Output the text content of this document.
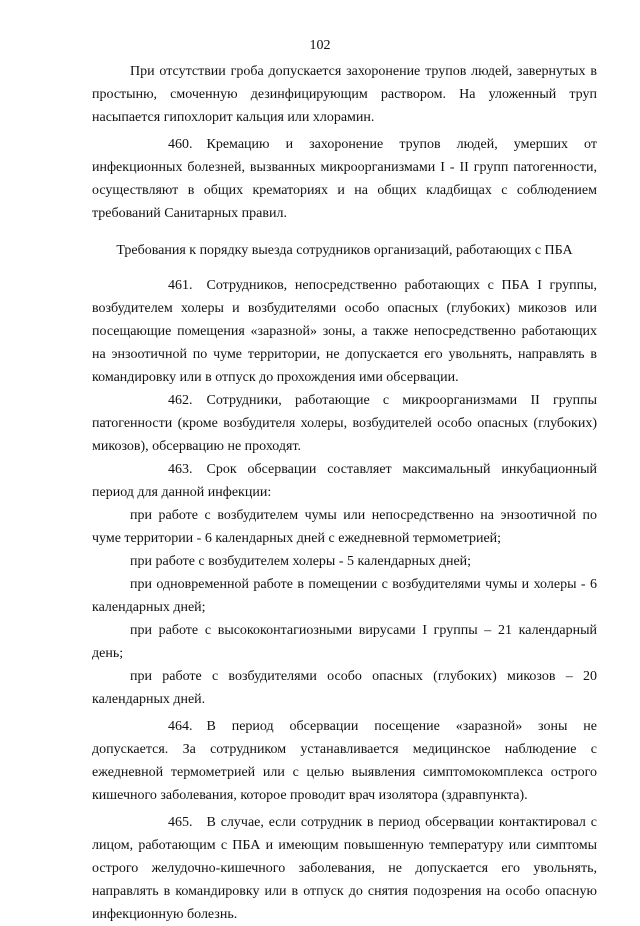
102

При отсутствии гроба допускается захоронение трупов людей, завернутых в простыню, смоченную дезинфицирующим раствором. На уложенный труп насыпается гипохлорит кальция или хлорамин.

460. Кремацию и захоронение трупов людей, умерших от инфекционных болезней, вызванных микроорганизмами I - II групп патогенности, осуществляют в общих крематориях и на общих кладбищах с соблюдением требований Санитарных правил.

Требования к порядку выезда сотрудников организаций, работающих с ПБА

461. Сотрудников, непосредственно работающих с ПБА I группы, возбудителем холеры и возбудителями особо опасных (глубоких) микозов или посещающие помещения «заразной» зоны, а также непосредственно работающих на энзоотичной по чуме территории, не допускается его увольнять, направлять в командировку или в отпуск до прохождения ими обсервации.

462. Сотрудники, работающие с микроорганизмами II группы патогенности (кроме возбудителя холеры, возбудителей особо опасных (глубоких) микозов), обсервацию не проходят.

463. Срок обсервации составляет максимальный инкубационный период для данной инфекции:

при работе с возбудителем чумы или непосредственно на энзоотичной по чуме территории - 6 календарных дней с ежедневной термометрией;

при работе с возбудителем холеры - 5 календарных дней;

при одновременной работе в помещении с возбудителями чумы и холеры - 6 календарных дней;

при работе с высококонтагиозными вирусами I группы – 21 календарный день;

при работе с возбудителями особо опасных (глубоких) микозов – 20 календарных дней.

464. В период обсервации посещение «заразной» зоны не допускается. За сотрудником устанавливается медицинское наблюдение с ежедневной термометрией или с целью выявления симптомокомплекса острого кишечного заболевания, которое проводит врач изолятора (здравпункта).

465. В случае, если сотрудник в период обсервации контактировал с лицом, работающим с ПБА и имеющим повышенную температуру или симптомы острого желудочно-кишечного заболевания, не допускается его увольнять, направлять в командировку или в отпуск до снятия подозрения на особо опасную инфекционную болезнь.
